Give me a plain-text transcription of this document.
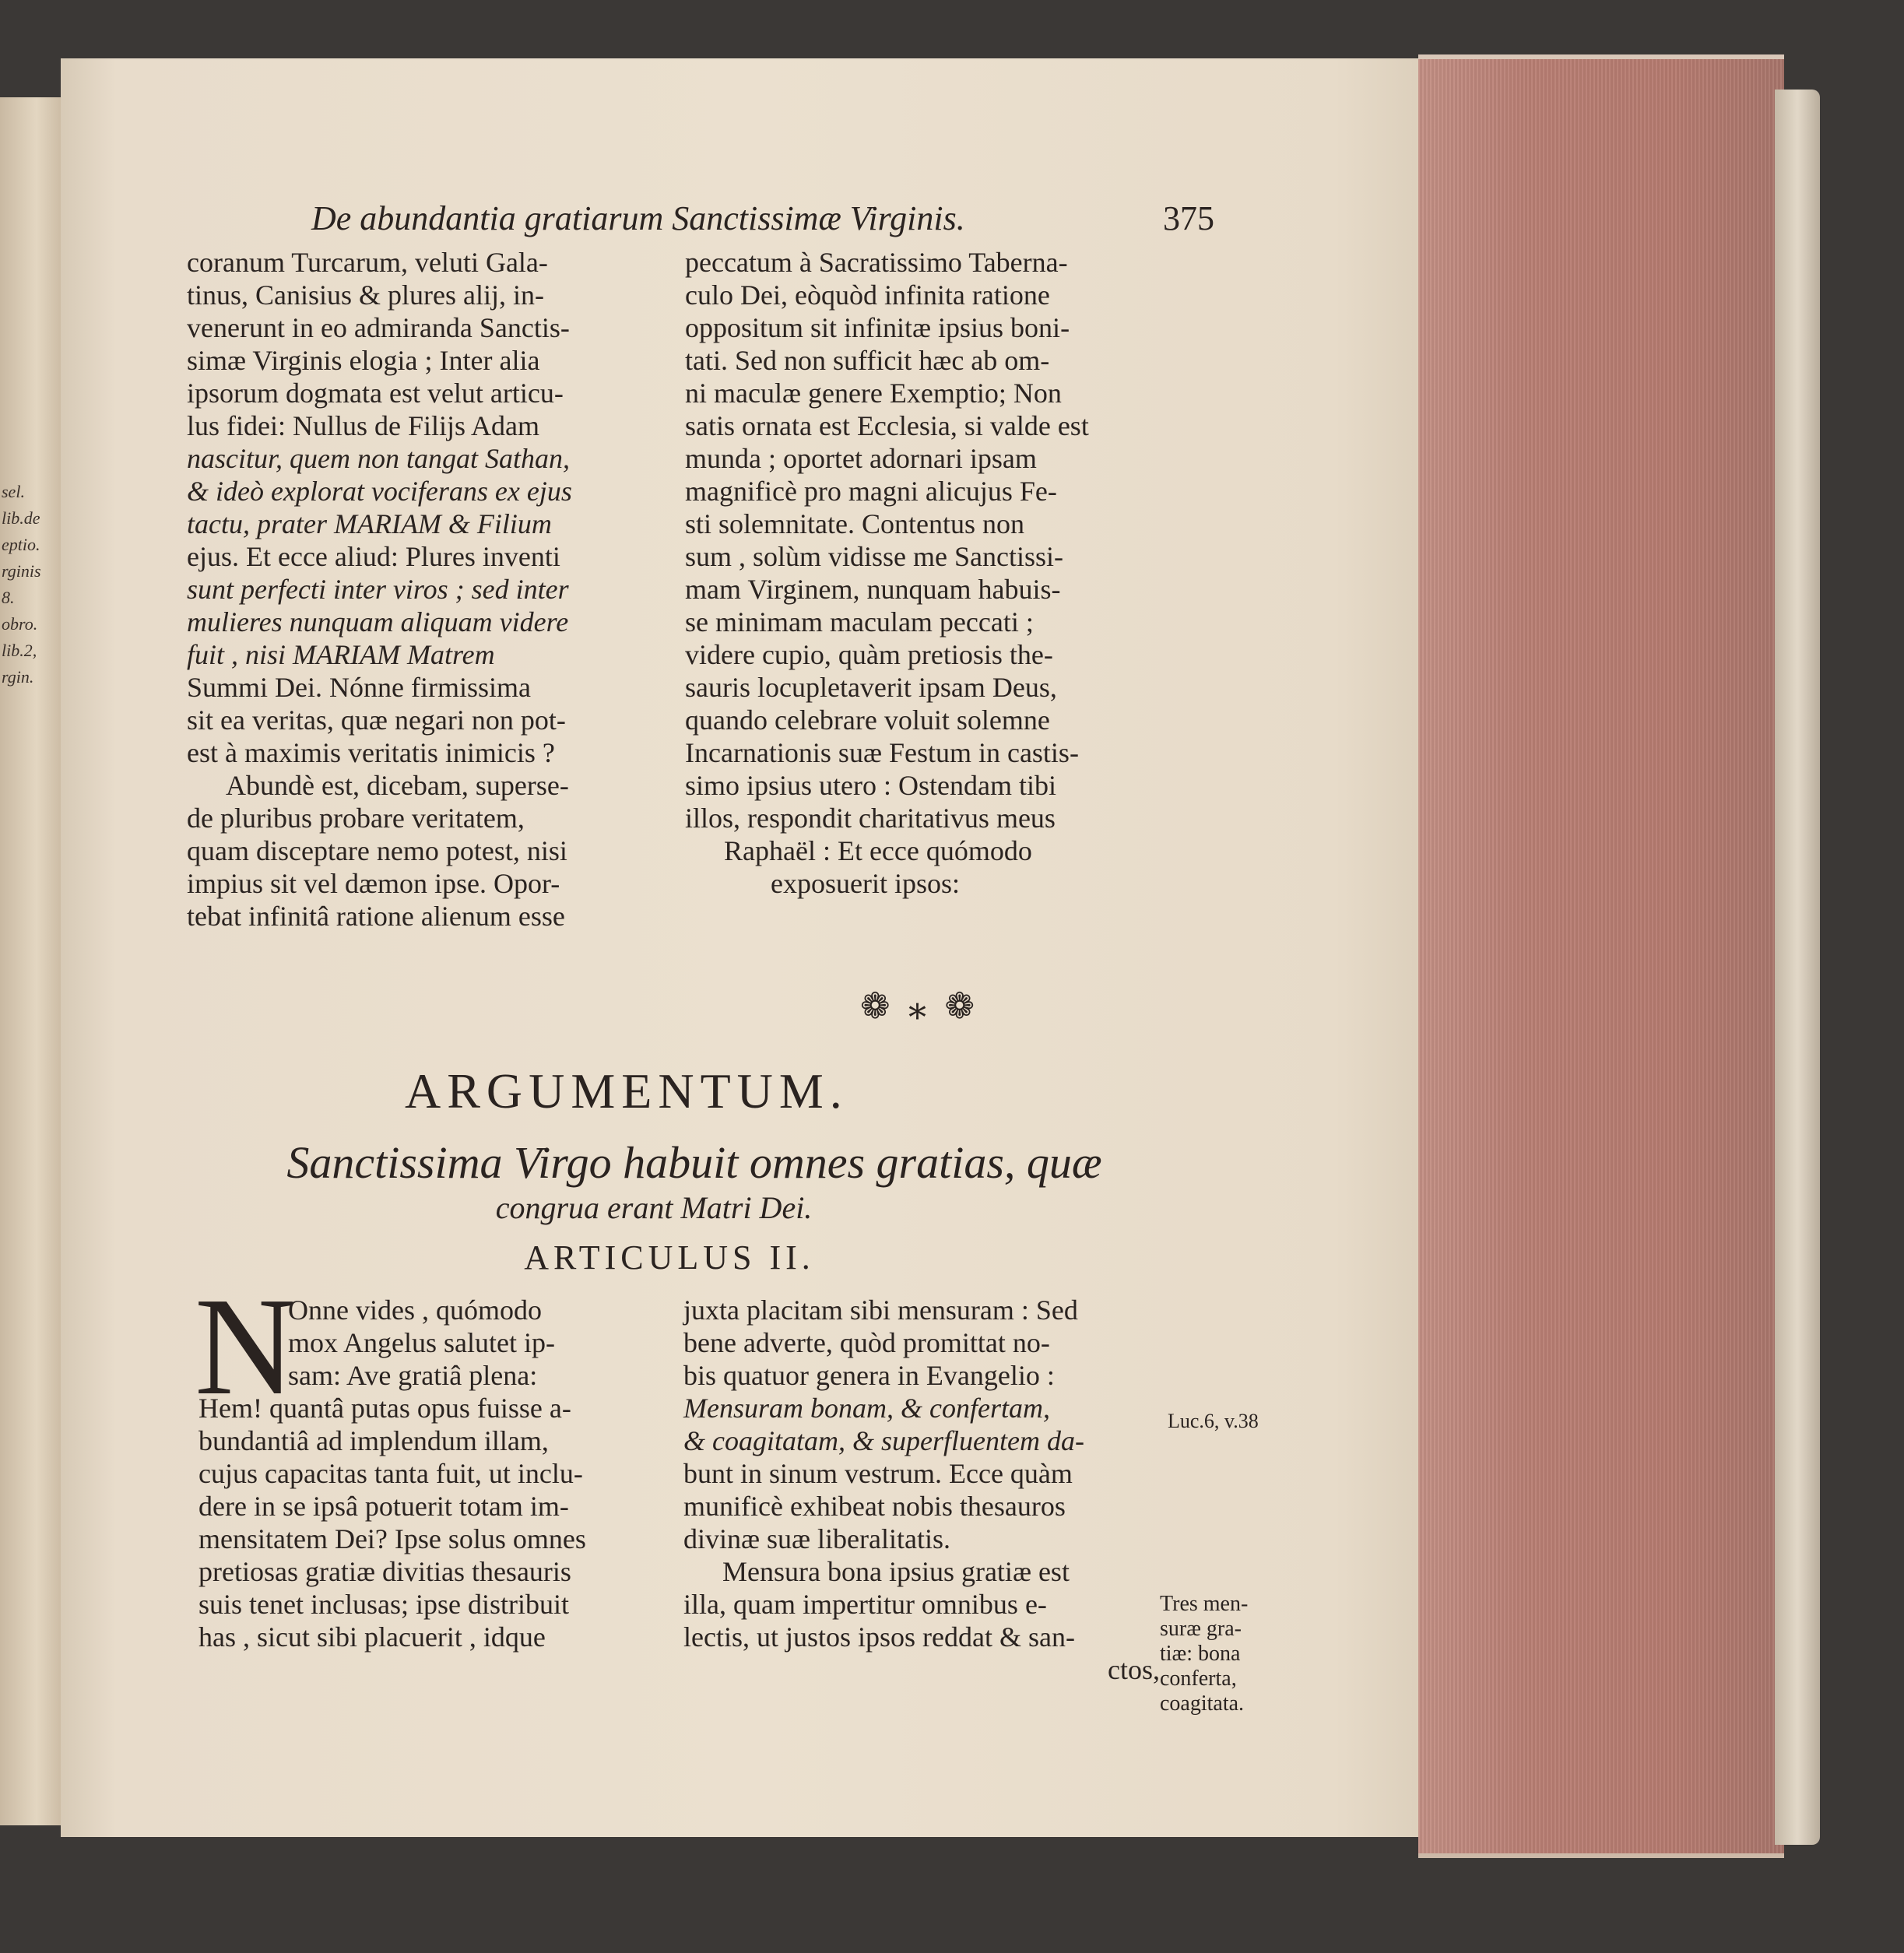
sel.
lib.de
eptio.
rginis
8.
obro.
lib.2,
rgin.
De abundantia gratiarum Sanctissimæ Virginis.	375
coranum Turcarum, veluti Gala-
tinus, Canisius & plures alij, in-
venerunt in eo admiranda Sanctis-
simæ Virginis elogia ; Inter alia
ipsorum dogmata est velut articu-
lus fidei: Nullus de Filijs Adam
nascitur, quem non tangat Sathan,
& ideò explorat vociferans ex ejus
tactu, prater MARIAM & Filium
ejus. Et ecce aliud: Plures inventi
sunt perfecti inter viros ; sed inter
mulieres nunquam aliquam videre
fuit , nisi MARIAM Matrem
Summi Dei. Nónne firmissima
sit ea veritas, quæ negari non pot-
est à maximis veritatis inimicis ?
Abundè est, dicebam, superse-
de pluribus probare veritatem,
quam disceptare nemo potest, nisi
impius sit vel dæmon ipse. Opor-
tebat infinitâ ratione alienum esse
peccatum à Sacratissimo Taberna-
culo Dei, eòquòd infinita ratione
oppositum sit infinitæ ipsius boni-
tati. Sed non sufficit hæc ab om-
ni maculæ genere Exemptio; Non
satis ornata est Ecclesia, si valde est
munda ; oportet adornari ipsam
magnificè pro magni alicujus Fe-
sti solemnitate. Contentus non
sum , solùm vidisse me Sanctissi-
mam Virginem, nunquam habuis-
se minimam maculam peccati ;
videre cupio, quàm pretiosis the-
sauris locupletaverit ipsam Deus,
quando celebrare voluit solemne
Incarnationis suæ Festum in castis-
simo ipsius utero : Ostendam tibi
illos, respondit charitativus meus
Raphaël : Et ecce quómodo
exposuerit ipsos:
❁ ⁎ ❁
ARGUMENTUM.
Sanctissima Virgo habuit omnes gratias, quæ
congrua erant Matri Dei.
ARTICULUS II.
N
Onne vides , quómodo
mox Angelus salutet ip-
sam: Ave gratiâ plena:
Hem! quantâ putas opus fuisse a-
bundantiâ ad implendum illam,
cujus capacitas tanta fuit, ut inclu-
dere in se ipsâ potuerit totam im-
mensitatem Dei? Ipse solus omnes
pretiosas gratiæ divitias thesauris
suis tenet inclusas; ipse distribuit
has , sicut sibi placuerit , idque
juxta placitam sibi mensuram : Sed
bene adverte, quòd promittat no-
bis quatuor genera in Evangelio :
Mensuram bonam, & confertam,
& coagitatam, & superfluentem da-
bunt in sinum vestrum. Ecce quàm
munificè exhibeat nobis thesauros
divinæ suæ liberalitatis.
Mensura bona ipsius gratiæ est
illa, quam impertitur omnibus e-
lectis, ut justos ipsos reddat & san-
ctos,
Luc.6, v.38
Tres men-
suræ gra-
tiæ: bona
conferta,
coagitata.
